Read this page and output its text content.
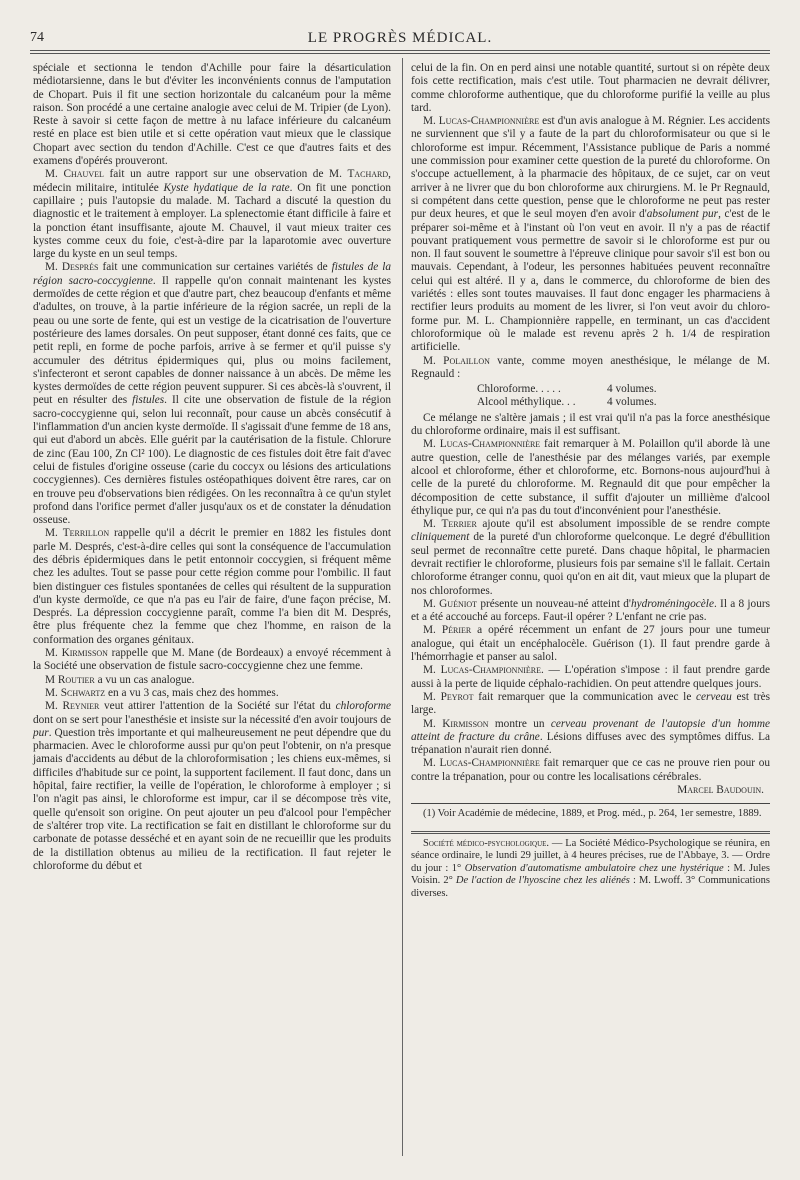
74	LE PROGRÈS MÉDICAL.

spéciale et sectionna le tendon d'Achille pour faire la désarticulation médiotarsienne, dans le but d'éviter les inconvénients connus de l'amputation de Chopart. Puis il fit une section horizontale du calcanéum pour la même raison. Son procédé a une certaine analogie avec celui de M. Tripier (de Lyon). Reste à savoir si cette façon de mettre à nu laface inférieure du calcanéum resté en place est bien utile et si cette opération vaut mieux que le classique Chopart avec section du tendon d'Achille. C'est ce que d'autres faits et des examens d'opérés prouveront.

M. Chauvel fait un autre rapport sur une observation de M. Tachard, médecin militaire, intitulée Kyste hydatique de la rate. On fit une ponction capillaire ; puis l'autopsie du malade. M. Tachard a discuté la question du diagnostic et le traitement à employer. La splenectomie étant difficile à faire et la ponction étant insuffisante, ajoute M. Chauvel, il vaut mieux traiter ces kystes comme ceux du foie, c'est-à-dire par la laparotomie avec ouverture large du kyste en un seul temps.

M. Després fait une communication sur certaines variétés de fistules de la région sacro-coccygienne. Il rappelle qu'on connait maintenant les kystes dermoïdes de cette région et que d'autre part, chez beaucoup d'enfants et même d'adultes, on trouve, à la partie inférieure de la région sacrée, un repli de la peau ou une sorte de fente, qui est un vestige de la cicatrisation de l'ouverture postérieure des lames dorsales. On peut supposer, étant donné ces faits, que ce petit repli, en forme de poche parfois, arrive à se fermer et qu'il puisse s'y accumuler des détritus épidermiques qui, plus ou moins facilement, s'infecteront et seront capables de donner naissance à un abcès. De même les kystes dermoïdes de cette région peuvent suppurer. Si ces abcès-là s'ouvrent, il peut en résulter des fistules. Il cite une observation de fistule de la région sacro-coccygienne qui, selon lui reconnaît, pour cause un abcès consécutif à l'inflammation d'un ancien kyste dermoïde. Il s'agissait d'une femme de 18 ans, qui eut d'abord un abcès. Elle guérit par la cautérisation de la fistule. Chlorure de zinc (Eau 100, Zn Cl² 100). Le diagnostic de ces fistules doit être fait d'avec celui de fistules d'origine osseuse (carie du coccyx ou lésions des articulations coccygiennes). Ces dernières fistules ostéopathiques doivent être rares, car on en trouve peu d'observations bien rédigées. On les reconnaîtra à ce qu'un stylet profond dans l'orifice permet d'aller jusqu'aux os et de constater la dénudation osseuse.

M. Terrillon rappelle qu'il a décrit le premier en 1882 les fistules dont parle M. Després, c'est-à-dire celles qui sont la conséquence de l'accumulation des débris épidermiques dans le petit entonnoir coccygien, si fréquent même chez les adultes. Tout se passe pour cette région comme pour l'ombilic. Il faut bien distinguer ces fistules spontanées de celles qui résultent de la suppuration d'un kyste dermoïde, ce que n'a pas eu l'air de faire, d'une façon précise, M. Després. La dépression coccygienne paraît, comme l'a bien dit M. Després, être plus fréquente chez la femme que chez l'homme, en raison de la conformation des organes génitaux.

M. Kirmisson rappelle que M. Mane (de Bordeaux) a envoyé récemment à la Société une observation de fistule sacro-coccygienne chez une femme.

M Routier a vu un cas analogue.

M. Schwartz en a vu 3 cas, mais chez des hommes.

M. Reynier veut attirer l'attention de la Société sur l'état du chloroforme dont on se sert pour l'anesthésie et insiste sur la nécessité d'en avoir toujours de pur. Question très importante et qui malheureusement ne peut dépendre que du pharmacien. Avec le chloroforme aussi pur qu'on peut l'obtenir, on n'a presque jamais d'accidents au début de la chloroformisation ; les chiens eux-mêmes, si difficiles d'habitude sur ce point, la supportent facilement. Il faut donc, dans un hôpital, faire rectifier, la veille de l'opération, le chloroforme à employer ; si l'on n'agit pas ainsi, le chloroforme est impur, car il se décompose très vite, quelle qu'ensoit son origine. On peut ajouter un peu d'alcool pour l'empêcher de s'altérer trop vite. La rectification se fait en distillant le chloroforme sur du carbonate de potasse desséché et en ayant soin de ne recueillir que les produits de la distillation obtenus au milieu de la rectification. Il faut rejeter le chloroforme du début et

celui de la fin. On en perd ainsi une notable quantité, surtout si on répète deux fois cette rectification, mais c'est utile. Tout pharmacien ne devrait délivrer, comme chloroforme authentique, que du chloroforme purifié la veille au plus tard.

M. Lucas-Championnière est d'un avis analogue à M. Régnier. Les accidents ne surviennent que s'il y a faute de la part du chloroformisateur ou que si le chloroforme est impur. Récemment, l'Assistance publique de Paris a nommé une commission pour examiner cette question de la pureté du chloroforme. On s'occupe actuellement, à la pharmacie des hôpitaux, de ce sujet, car on veut arriver à ne livrer que du bon chloroforme aux chirurgiens. M. le Pr Regnauld, si compétent dans cette question, pense que le chloroforme ne peut pas rester pur deux heures, et que le seul moyen d'en avoir d'absolument pur, c'est de le préparer soi-même et à l'instant où l'on veut en avoir. Il n'y a pas de réactif pouvant pratiquement vous permettre de savoir si le chloroforme est pur ou non. Il faut souvent le soumettre à l'épreuve clinique pour savoir s'il est bon ou mauvais. Cependant, à l'odeur, les personnes habituées peuvent reconnaître celui qui est altéré. Il y a, dans le commerce, du chloroforme de bien des variétés : elles sont toutes mauvaises. Il faut donc engager les pharmaciens à rectifier leurs produits au moment de les livrer, si l'on veut avoir du chloroforme pur. M. L. Championnière rappelle, en terminant, un cas d'accident chloroformique où le malade est revenu après 2 h. 1/4 de respiration artificielle.

M. Polaillon vante, comme moyen anesthésique, le mélange de M. Regnauld :

Chloroforme. . . . .	4 volumes.
Alcool méthylique. . .	4 volumes.

Ce mélange ne s'altère jamais ; il est vrai qu'il n'a pas la force anesthésique du chloroforme ordinaire, mais il est suffisant.

M. Lucas-Championnière fait remarquer à M. Polaillon qu'il aborde là une autre question, celle de l'anesthésie par des mélanges variés, par exemple alcool et chloroforme, éther et chloroforme, etc. Bornons-nous aujourd'hui à celle de la pureté du chloroforme. M. Regnauld dit que pour empêcher la décomposition de cette substance, il suffit d'ajouter un millième d'alcool éthylique pur, ce qui n'a pas du tout d'inconvénient pour l'anesthésie.

M. Terrier ajoute qu'il est absolument impossible de se rendre compte cliniquement de la pureté d'un chloroforme quelconque. Le degré d'ébullition seul permet de reconnaître cette pureté. Dans chaque hôpital, le pharmacien devrait rectifier le chloroforme, plusieurs fois par semaine s'il le fallait. Certain chloroforme étranger connu, quoi qu'on en ait dit, vaut mieux que la plupart de nos chloroformes.

M. Guéniot présente un nouveau-né atteint d'hydroméningocèle. Il a 8 jours et a été accouché au forceps. Faut-il opérer ? L'enfant ne crie pas.

M. Périer a opéré récemment un enfant de 27 jours pour une tumeur analogue, qui était un encéphalocèle. Guérison (1). Il faut prendre garde à l'hémorrhagie et panser au salol.

M. Lucas-Championnière. — L'opération s'impose : il faut prendre garde aussi à la perte de liquide céphalo-rachidien. On peut attendre quelques jours.

M. Peyrot fait remarquer que la communication avec le cerveau est très large.

M. Kirmisson montre un cerveau provenant de l'autopsie d'un homme atteint de fracture du crâne. Lésions diffuses avec des symptômes diffus. La trépanation n'aurait rien donné.

M. Lucas-Championnière fait remarquer que ce cas ne prouve rien pour ou contre la trépanation, pour ou contre les localisations cérébrales.

Marcel Baudouin.

(1) Voir Académie de médecine, 1889, et Prog. méd., p. 264, 1er semestre, 1889.

Société médico-psychologique. — La Société Médico-Psychologique se réunira, en séance ordinaire, le lundi 29 juillet, à 4 heures précises, rue de l'Abbaye, 3. — Ordre du jour : 1° Observation d'automatisme ambulatoire chez une hystérique : M. Jules Voisin. 2° De l'action de l'hyoscine chez les aliénés : M. Lwoff. 3° Communications diverses.
